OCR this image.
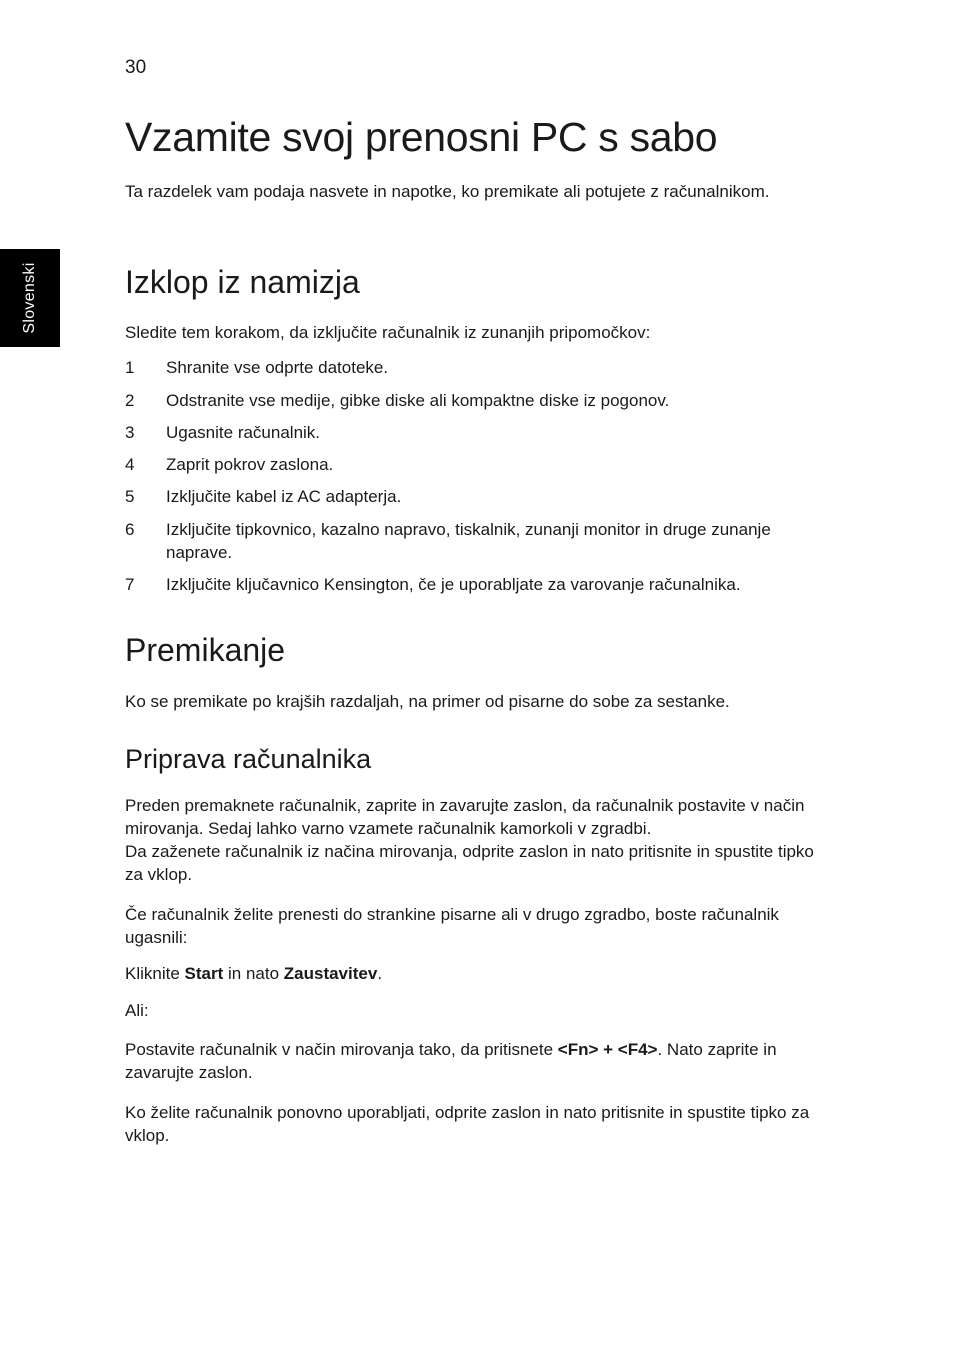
30
Slovenski
Vzamite svoj prenosni PC s sabo
Ta razdelek vam podaja nasvete in napotke, ko premikate ali potujete z računalnikom.
Izklop iz namizja
Sledite tem korakom, da izključite računalnik iz zunanjih pripomočkov:
1 Shranite vse odprte datoteke.
2 Odstranite vse medije, gibke diske ali kompaktne diske iz pogonov.
3 Ugasnite računalnik.
4 Zaprit pokrov zaslona.
5 Izključite kabel iz AC adapterja.
6 Izključite tipkovnico, kazalno napravo, tiskalnik, zunanji monitor in druge zunanje naprave.
7 Izključite ključavnico Kensington, če je uporabljate za varovanje računalnika.
Premikanje
Ko se premikate po krajših razdaljah, na primer od pisarne do sobe za sestanke.
Priprava računalnika
Preden premaknete računalnik, zaprite in zavarujte zaslon, da računalnik postavite v način mirovanja. Sedaj lahko varno vzamete računalnik kamorkoli v zgradbi.
Da zaženete računalnik iz načina mirovanja, odprite zaslon in nato pritisnite in spustite tipko za vklop.
Če računalnik želite prenesti do strankine pisarne ali v drugo zgradbo, boste računalnik ugasnili:
Kliknite Start in nato Zaustavitev.
Ali:
Postavite računalnik v način mirovanja tako, da pritisnete <Fn> + <F4>. Nato zaprite in zavarujte zaslon.
Ko želite računalnik ponovno uporabljati, odprite zaslon in nato pritisnite in spustite tipko za vklop.
